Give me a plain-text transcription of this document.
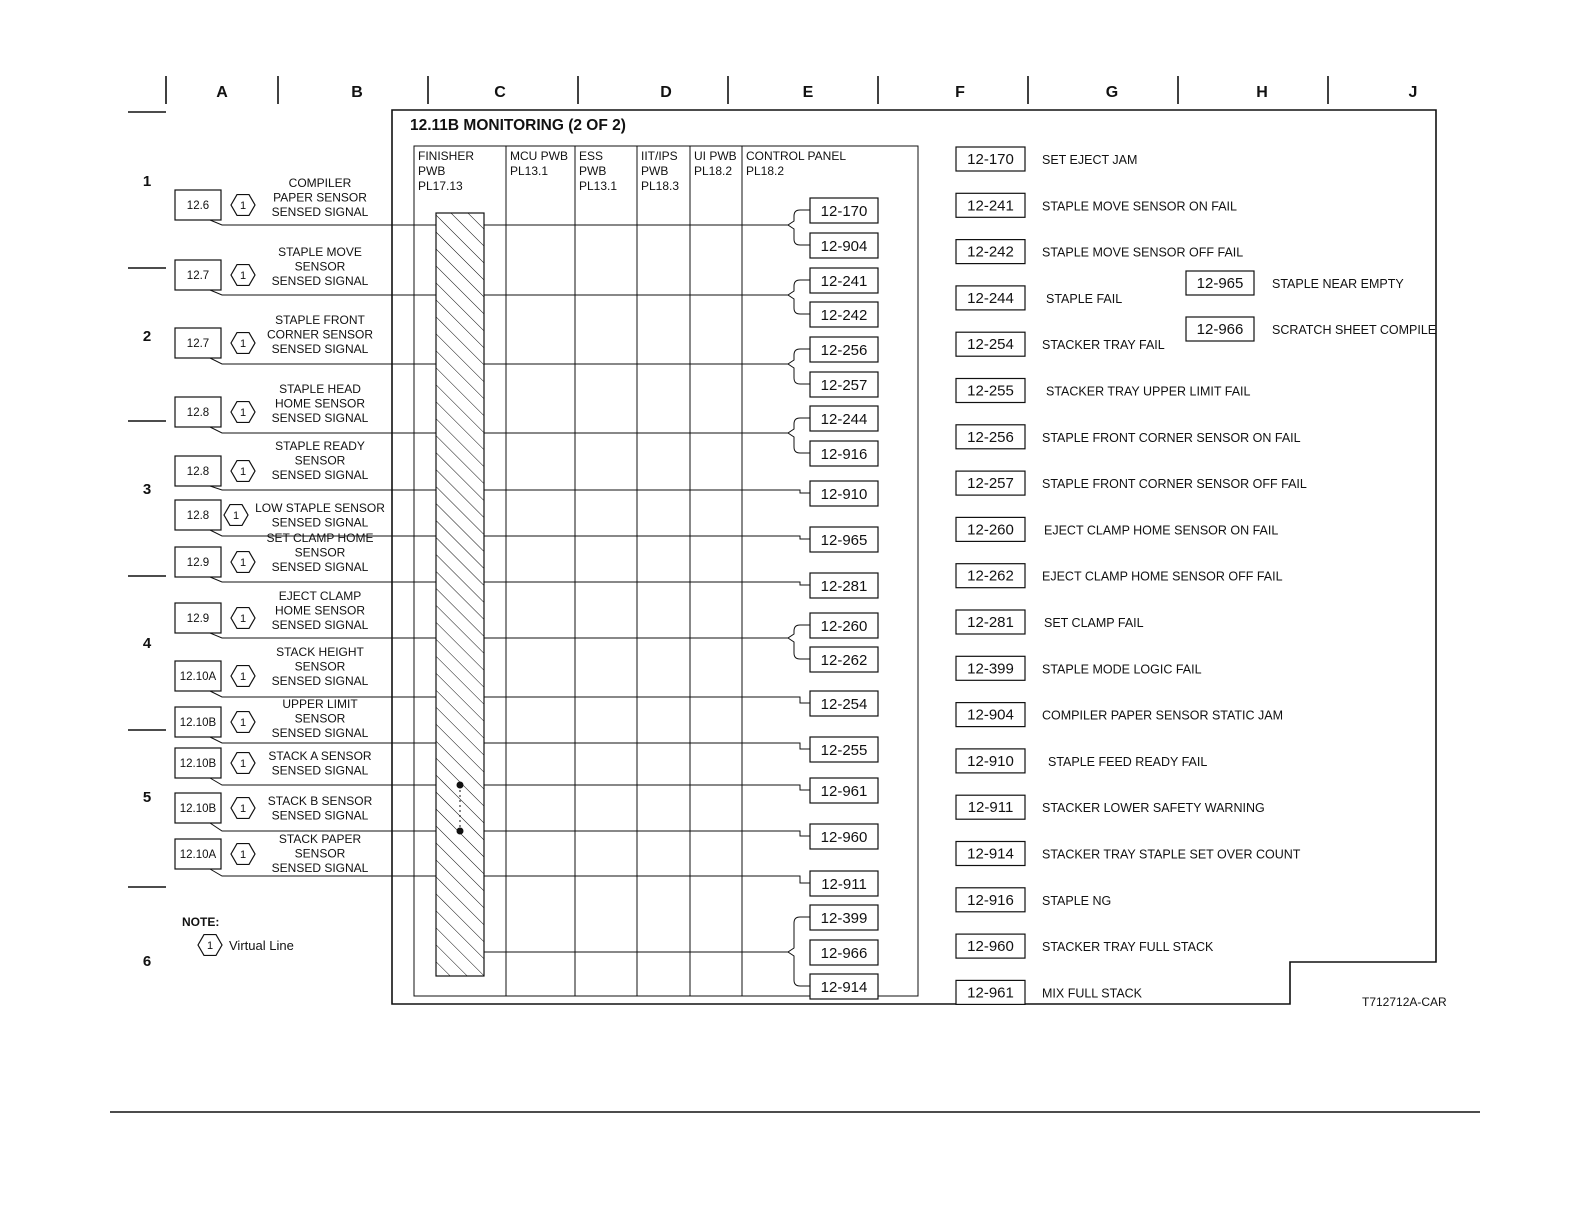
A	B	C	D	E	F	G	H	J
1
2
3
4
5
6
12.11B MONITORING (2 OF 2)
FINISHER
PWB
PL17.13
MCU PWB
PL13.1
ESS
PWB
PL13.1
IIT/IPS
PWB
PL18.3
UI PWB
PL18.2
CONTROL PANEL
PL18.2
12.6	1
COMPILER
PAPER SENSOR
SENSED SIGNAL
12.7	1
STAPLE MOVE
SENSOR
SENSED SIGNAL
12.7	1
STAPLE FRONT
CORNER SENSOR
SENSED SIGNAL
12.8	1
STAPLE HEAD
HOME SENSOR
SENSED SIGNAL
12.8	1
STAPLE READY
SENSOR
SENSED SIGNAL
12.8 1
LOW STAPLE SENSOR
SENSED SIGNAL
12.9	1
SET CLAMP HOME
SENSOR
SENSED SIGNAL
12.9	1
EJECT CLAMP
HOME SENSOR
SENSED SIGNAL
12.10A 1
STACK HEIGHT
SENSOR
SENSED SIGNAL
12.10B 1
UPPER LIMIT
SENSOR
SENSED SIGNAL
12.10B 1
STACK A SENSOR
SENSED SIGNAL
12.10B 1
STACK B SENSOR
SENSED SIGNAL
12.10A 1
STACK PAPER
SENSOR
SENSED SIGNAL
12-170
12-904
12-241
12-242
12-256
12-257
12-244
12-916
12-910
12-965
12-281
12-260
12-262
12-254
12-255
12-961
12-960
12-911
12-399
12-966
12-914
12-170 SET EJECT JAM
12-241 STAPLE MOVE SENSOR ON FAIL
12-242 STAPLE MOVE SENSOR OFF FAIL
12-244	STAPLE FAIL
12-254 STACKER TRAY FAIL
12-255	STACKER TRAY UPPER LIMIT FAIL
12-256 STAPLE FRONT CORNER SENSOR ON FAIL
12-257 STAPLE FRONT CORNER SENSOR OFF FAIL
12-260 EJECT CLAMP HOME SENSOR ON FAIL
12-262 EJECT CLAMP HOME SENSOR OFF FAIL
12-281 SET CLAMP FAIL
12-399 STAPLE MODE LOGIC FAIL
12-904 COMPILER PAPER SENSOR STATIC JAM
12-910	STAPLE FEED READY FAIL
12-911 STACKER LOWER SAFETY WARNING
12-914 STACKER TRAY STAPLE SET OVER COUNT
12-916 STAPLE NG
12-960 STACKER TRAY FULL STACK
12-961 MIX FULL STACK
12-965 STAPLE NEAR EMPTY
12-966 SCRATCH SHEET COMPILE
NOTE:
1 Virtual Line
T712712A-CAR
